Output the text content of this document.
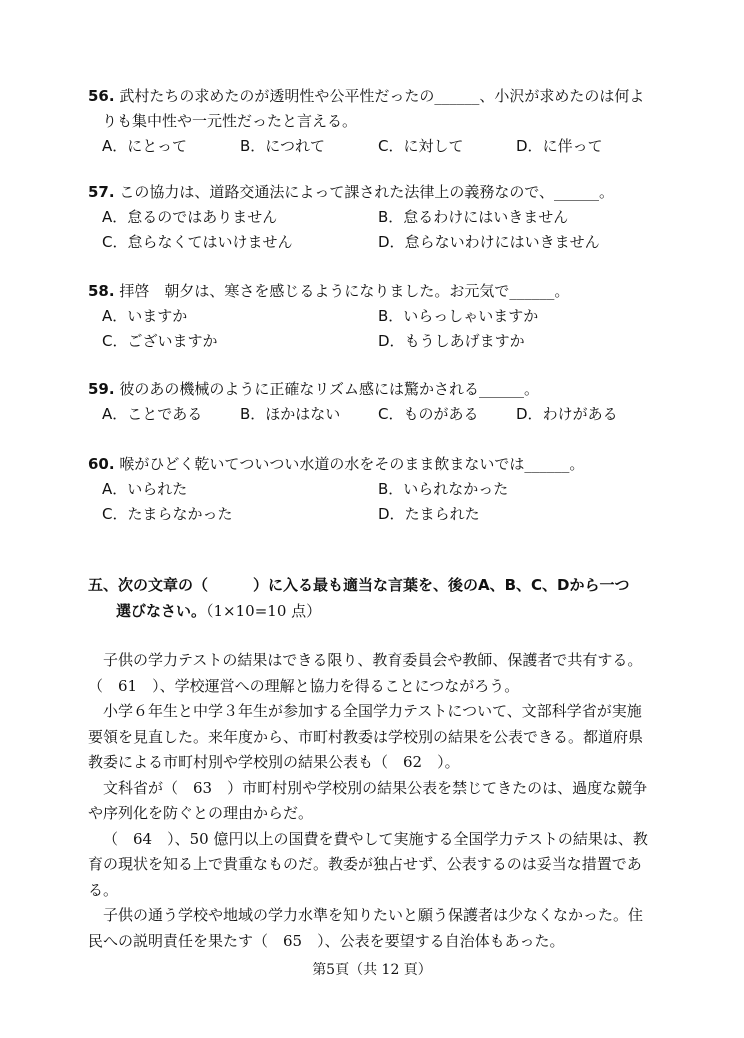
56. 武村たちの求めたのが透明性や公平性だったの______、小沢が求めたのは何よ
りも集中性や一元性だったと言える。
A．にとって	B．につれて	C．に対して	D．に伴って
57. この協力は、道路交通法によって課された法律上の義務なので、______。
A．怠るのではありません	B．怠るわけにはいきません
C．怠らなくてはいけません	D．怠らないわけにはいきません
58. 拝啓　朝夕は、寒さを感じるようになりました。お元気で______。
A．いますか	B．いらっしゃいますか
C．ございますか	D．もうしあげますか
59. 彼のあの機械のように正確なリズム感には驚かされる______。
A．ことである	B．ほかはない	C．ものがある	D．わけがある
60. 喉がひどく乾いてついつい水道の水をそのまま飲まないでは______。
A．いられた	B．いられなかった
C．たまらなかった	D．たまられた
五、次の文章の（　　　）に入る最も適当な言葉を、後のA、B、C、Dから一つ
選びなさい。（1×10=10 点）
子供の学力テストの結果はできる限り、教育委員会や教師、保護者で共有する。
（　61　）、学校運営への理解と協力を得ることにつながろう。
小学６年生と中学３年生が参加する全国学力テストについて、文部科学省が実施
要領を見直した。来年度から、市町村教委は学校別の結果を公表できる。都道府県
教委による市町村別や学校別の結果公表も（　62　）。
文科省が（　63　）市町村別や学校別の結果公表を禁じてきたのは、過度な競争
や序列化を防ぐとの理由からだ。
（　64　）、50 億円以上の国費を費やして実施する全国学力テストの結果は、教
育の現状を知る上で貴重なものだ。教委が独占せず、公表するのは妥当な措置であ
る。
子供の通う学校や地域の学力水準を知りたいと願う保護者は少なくなかった。住
民への説明責任を果たす（　65　）、公表を要望する自治体もあった。
第5頁（共 12 頁）
